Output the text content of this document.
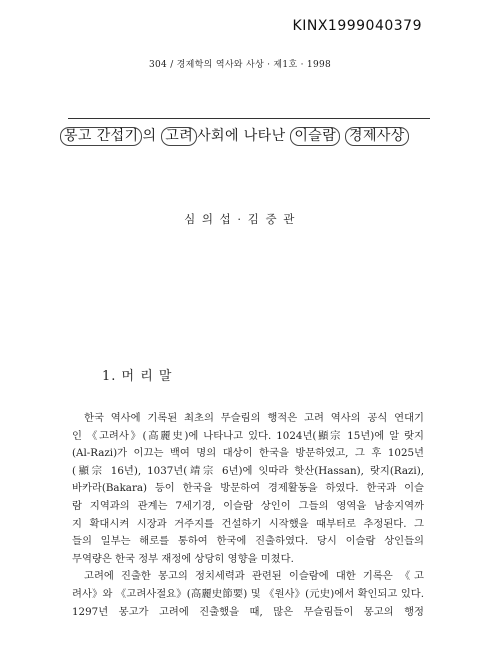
KINX1999040379
304 / 경제학의 역사와 사상 · 제1호 · 1998
몽고 간섭기 의 고려 사회에 나타난 이슬람 경제사상
심 의 섭 · 김 중 관
1. 머 리 말

한국 역사에 기록된 최초의 무슬림의 행적은 고려 역사의 공식 연대기
인 《고려사》(高麗史)에 나타나고 있다. 1024년(顯宗 15년)에 알 랏지
(Al-Razi)가 이끄는 백여 명의 대상이 한국을 방문하였고, 그 후 1025년
(顯宗 16년), 1037년(靖宗 6년)에 잇따라 핫산(Hassan), 랏지(Razi),
바카라(Bakara) 등이 한국을 방문하여 경제활동을 하였다. 한국과 이슬
람 지역과의 관계는 7세기경, 이슬람 상인이 그들의 영역을 남송지역까
지 확대시켜 시장과 거주지를 건설하기 시작했을 때부터로 추정된다. 그
들의 일부는 해로를 통하여 한국에 진출하였다. 당시 이슬람 상인들의
무역량은 한국 정부 재정에 상당히 영향을 미쳤다.

고려에 진출한 몽고의 정치세력과 관련된 이슬람에 대한 기록은 《고
려사》와 《고려사절요》(高麗史節要) 및 《원사》(元史)에서 확인되고 있다.
1297년 몽고가 고려에 진출했을 때, 많은 무슬림들이 몽고의 행정
